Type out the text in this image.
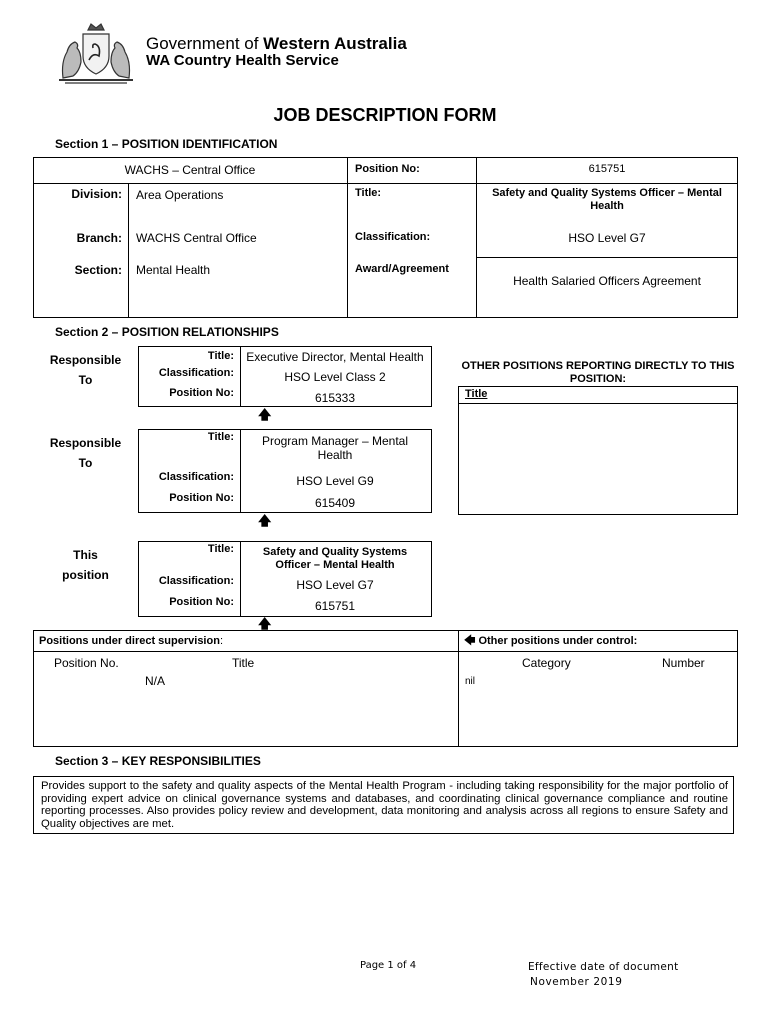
Government of Western Australia
WA Country Health Service
JOB DESCRIPTION FORM
Section 1 – POSITION IDENTIFICATION
WACHS – Central Office	Position No:	615751
Division: Area Operations	Title:	Safety and Quality Systems Officer – Mental Health
Branch: WACHS Central Office	Classification:	HSO Level G7
Section: Mental Health	Award/Agreement
Health Salaried Officers Agreement
Section 2 – POSITION RELATIONSHIPS
Responsible
To
Title:	Executive Director, Mental Health
Classification:	HSO Level Class 2
Position No:	615333
🡅
Responsible
To
Title:	Program Manager – Mental Health
Classification:	HSO Level G9
Position No:	615409
🡅
This
position
Title:	Safety and Quality Systems Officer – Mental Health
Classification:	HSO Level G7
Position No:	615751
🡅
OTHER POSITIONS REPORTING DIRECTLY TO THIS POSITION:
Title
Positions under direct supervision:
Position No.	Title
N/A
🡄 Other positions under control:
Category	Number
nil
Section 3 – KEY RESPONSIBILITIES
Provides support to the safety and quality aspects of the Mental Health Program - including taking responsibility for the major portfolio of providing expert advice on clinical governance systems and databases, and coordinating clinical governance compliance and routine reporting processes. Also provides policy review and development, data monitoring and analysis across all regions to ensure Safety and Quality objectives are met.
Page 1 of 4	Effective date of document
November 2019
